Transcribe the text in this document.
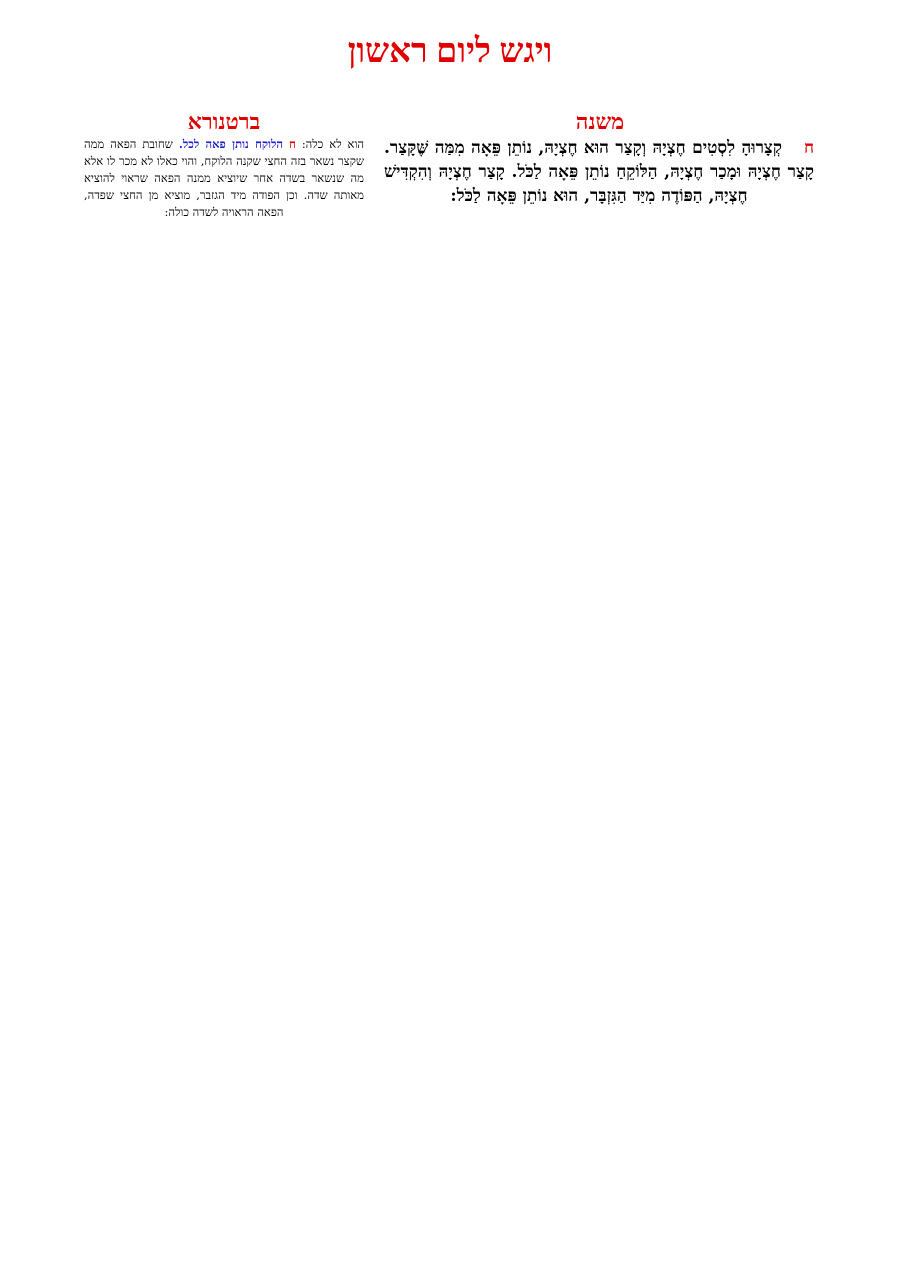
ויגש ליום ראשון
משנה
ברטנורא
חקְצָרוּהָ לִסְטִים חֶצְיָהּ וְקָצַר הוּא חֶצְיָהּ, נוֹתֵן פֵּאָה מִמַּה שֶּׁקָּצַר. קָצַר חֶצְיָהּ וּמָכַר חֶצְיָהּ, הַלּוֹקֵחַ נוֹתֵן פֵּאָה לַכֹּל. קָצַר חֶצְיָהּ וְהִקְדִּישׁ חֶצְיָהּ, הַפּוֹדֶה מִיַּד הַגִּזְבָּר, הוּא נוֹתֵן פֵּאָה לַכֹּל:
הוא לא כלה: ח הלוקח נותן פאה לכל. שחובת הפאה ממה שקצר נשאר בזה החצי שקנה הלוקח, והוי כאלו לא מכר לו אלא מה שנשאר בשדה אחר שיוציא ממנה הפאה שראוי להוציא מאותה שדה. וכן הפודה מיד הגזבר, מוציא מן החצי שפדה, הפאה הראויה לשדה כולה:
